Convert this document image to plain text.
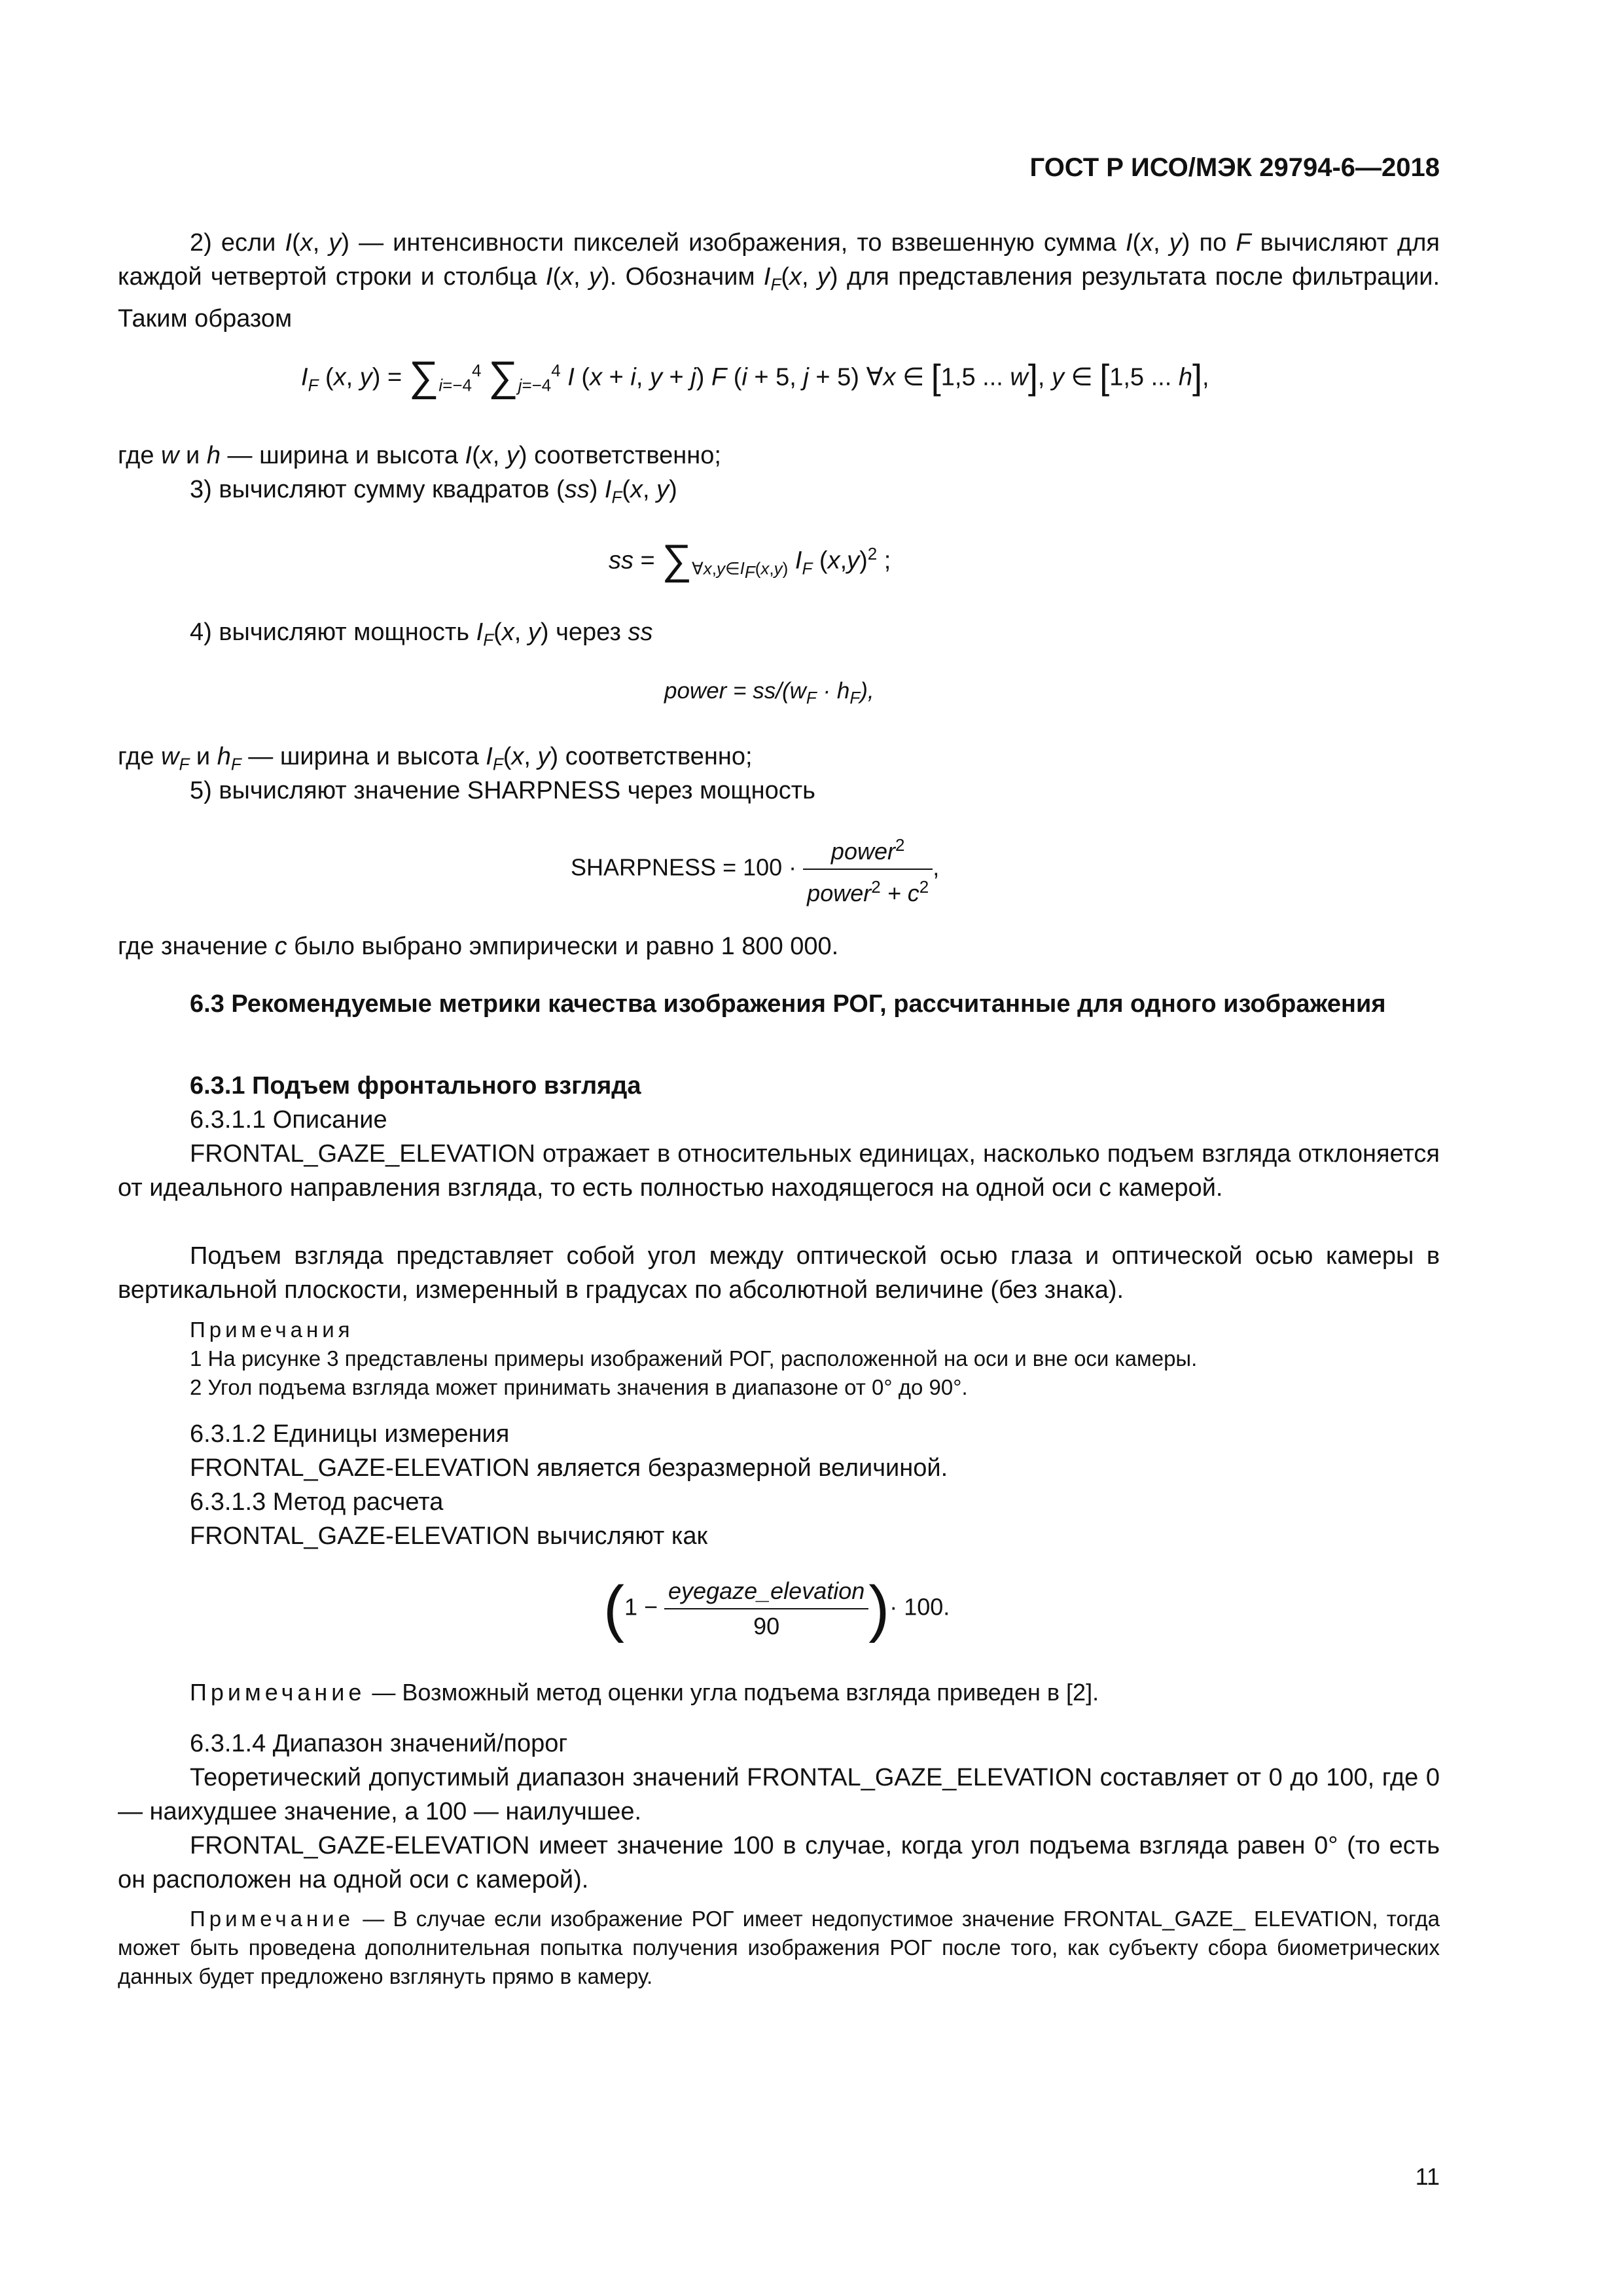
ГОСТ Р ИСО/МЭК 29794-6—2018

2) если I(x, y) — интенсивности пикселей изображения, то взвешенную сумма I(x, y) по F вычисляют для каждой четвертой строки и столбца I(x, y). Обозначим $I_F(x$, y) для представления результата после фильтрации. Таким образом

$I_F$ (x, $y) = \sum_{i=-4}^4$ $\sum_{j=-4}^4$ I (x + i, y + j) F (i + 5, j + 5) ∀x ∈ [1,5 ... w], y ∈ [1,5 ... h],

где w и h — ширина и высота I(x, y) соответственно;

3) вычисляют сумму квадратов (ss) $I_F(x$, y)

ss = $\sum_{\forall x,y\in I_F(x,y)}$ $I_F$ $(x,y)^2$ ;

4) вычисляют мощность $I_F(x$, y) через ss

power = $ss/(w_F \cdot h_F)$,

где $w_F$ и $h_F$ — ширина и высота $I_F(x$, y) соответственно;

5) вычисляют значение SHARPNESS через мощность

SHARPNESS = $100 \cdot \frac{power^2}{power^2 + c^2}$ ,

где значение c было выбрано эмпирически и равно 1 800 000.

6.3 Рекомендуемые метрики качества изображения РОГ, рассчитанные для одного изображения

6.3.1 Подъем фронтального взгляда

6.3.1.1 Описание

FRONTAL_GAZE_ELEVATION отражает в относительных единицах, насколько подъем взгляда отклоняется от идеального направления взгляда, то есть полностью находящегося на одной оси с камерой.

Подъем взгляда представляет собой угол между оптической осью глаза и оптической осью камеры в вертикальной плоскости, измеренный в градусах по абсолютной величине (без знака).

Примечания

1 На рисунке 3 представлены примеры изображений РОГ, расположенной на оси и вне оси камеры.

2 Угол подъема взгляда может принимать значения в диапазоне от 0° до 90°.

6.3.1.2 Единицы измерения

FRONTAL_GAZE-ELEVATION является безразмерной величиной.

6.3.1.3 Метод расчета

FRONTAL_GAZE-ELEVATION вычисляют как

($1 - \frac{\text{eyegaze\_elevation}}{90}$ )· 100.

Примечание — Возможный метод оценки угла подъема взгляда приведен в [2].

6.3.1.4 Диапазон значений/порог

Теоретический допустимый диапазон значений FRONTAL_GAZE_ELEVATION составляет от 0 до 100, где 0 — наихудшее значение, а 100 — наилучшее.

FRONTAL_GAZE-ELEVATION имеет значение 100 в случае, когда угол подъема взгляда равен 0° (то есть он расположен на одной оси с камерой).

Примечание — В случае если изображение РОГ имеет недопустимое значение FRONTAL_GAZE_ ELEVATION, тогда может быть проведена дополнительная попытка получения изображения РОГ после того, как субъекту сбора биометрических данных будет предложено взглянуть прямо в камеру.

11
